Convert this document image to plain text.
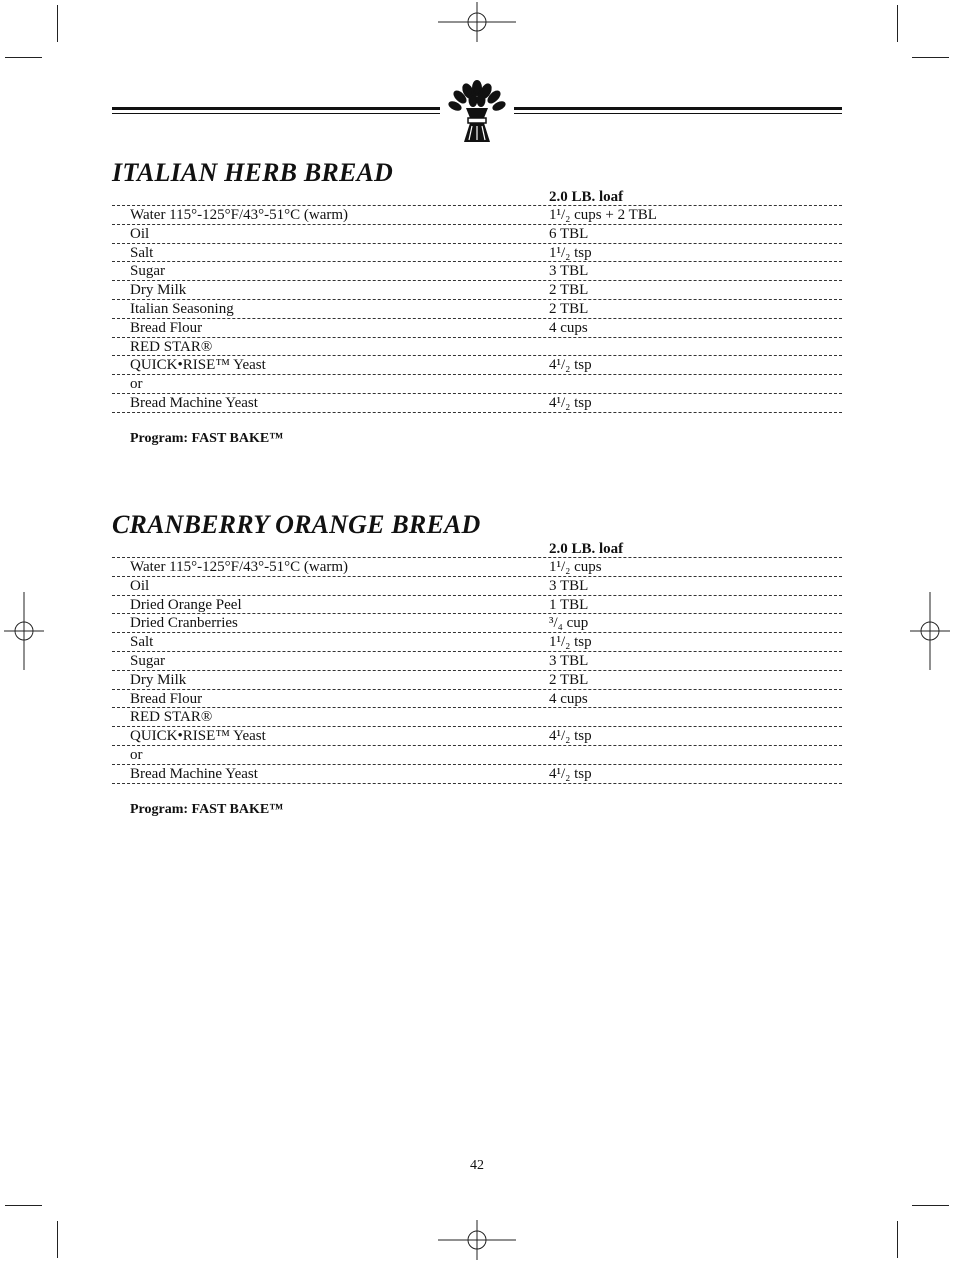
ITALIAN HERB BREAD
2.0 LB. loaf
Water 115°-125°F/43°-51°C (warm)	1¹/₂ cups + 2 TBL
Oil	6 TBL
Salt	1¹/₂ tsp
Sugar	3 TBL
Dry Milk	2 TBL
Italian Seasoning	2 TBL
Bread Flour	4 cups
RED STAR®
QUICK•RISE™ Yeast	4¹/₂ tsp
or
Bread Machine Yeast	4¹/₂ tsp
Program: FAST BAKE™
CRANBERRY ORANGE BREAD
2.0 LB. loaf
Water 115°-125°F/43°-51°C (warm)	1¹/₂ cups
Oil	3 TBL
Dried Orange Peel	1 TBL
Dried Cranberries	³/₄ cup
Salt	1¹/₂ tsp
Sugar	3 TBL
Dry Milk	2 TBL
Bread Flour	4 cups
RED STAR®
QUICK•RISE™ Yeast	4¹/₂ tsp
or
Bread Machine Yeast	4¹/₂ tsp
Program: FAST BAKE™
42
